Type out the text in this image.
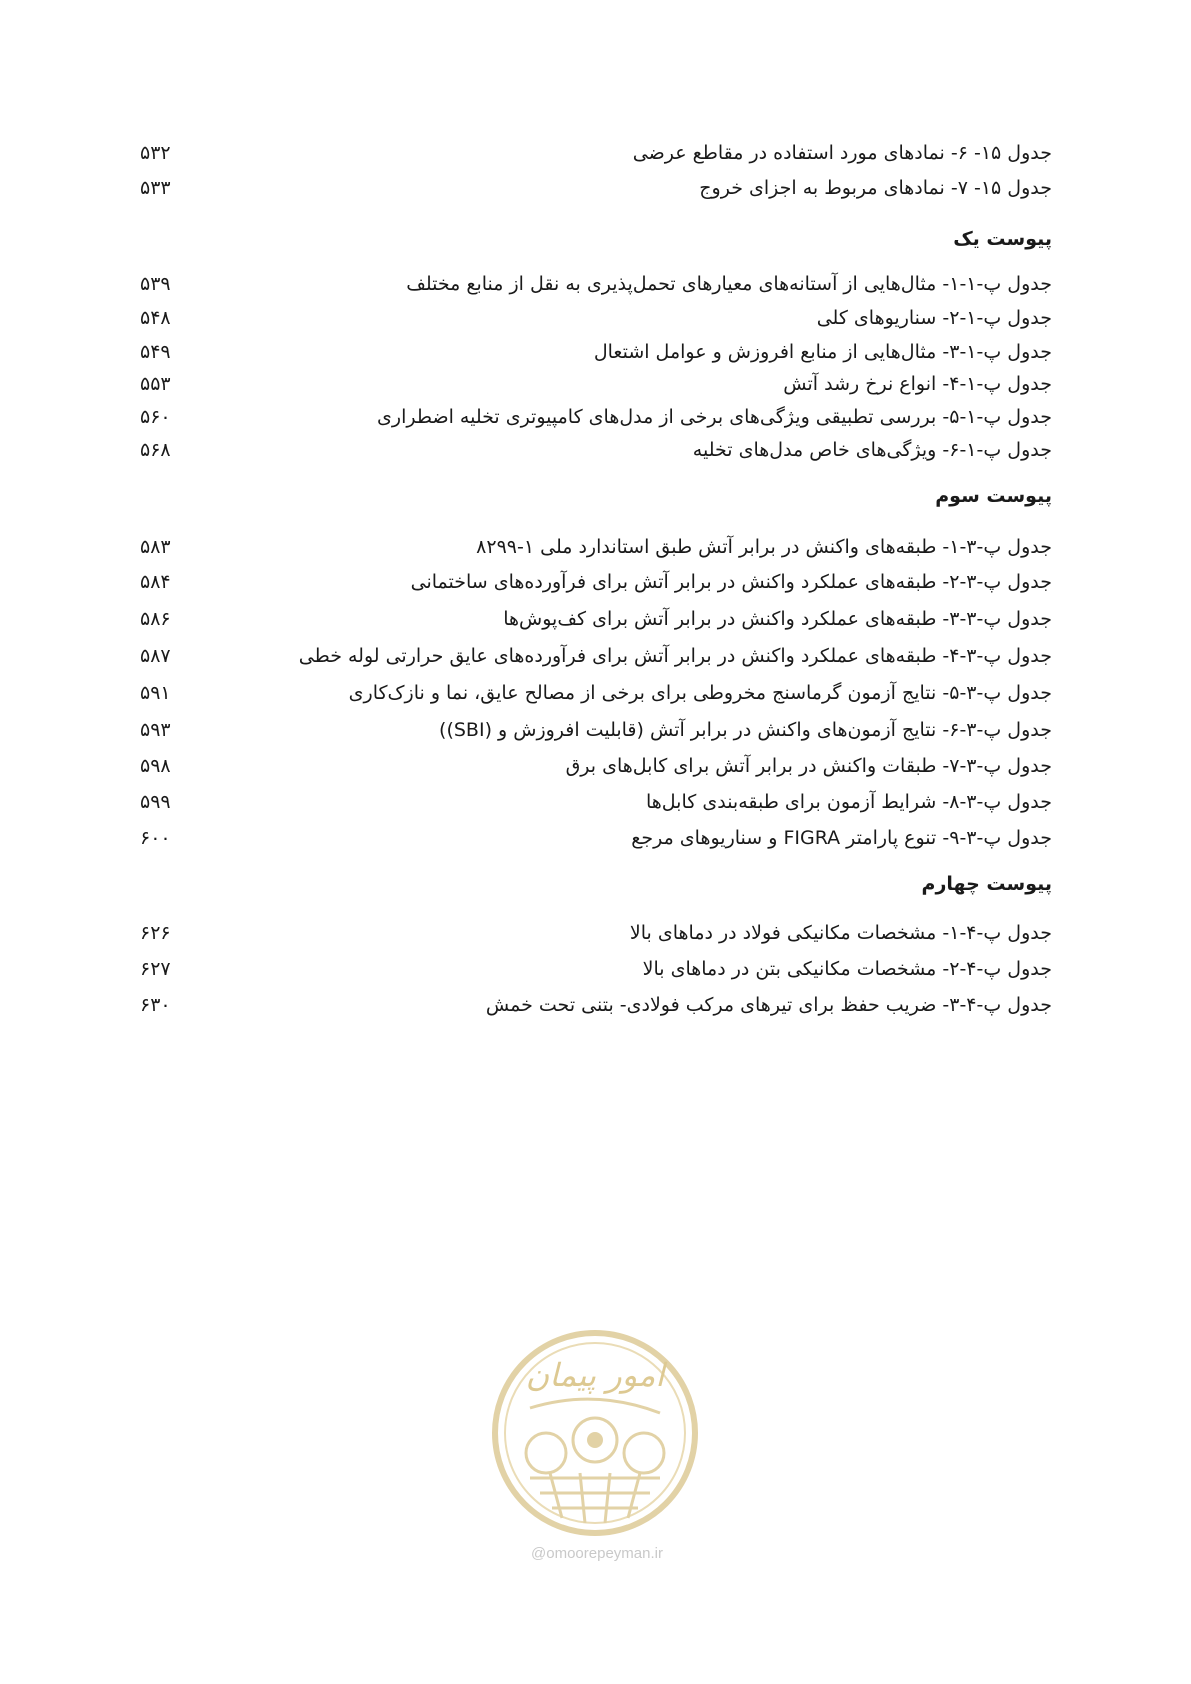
جدول ۱۵- ۶- نمادهای مورد استفاده در مقاطع عرضی
۵۳۲
جدول ۱۵- ۷- نمادهای مربوط به اجزای خروج
۵۳۳
پیوست یک
جدول پ-۱-۱- مثال‌هایی از آستانه‌های معیارهای تحمل‌پذیری به نقل از منابع مختلف
۵۳۹
جدول پ-۱-۲- سناریوهای کلی
۵۴۸
جدول پ-۱-۳- مثال‌هایی از منابع افروزش و عوامل اشتعال
۵۴۹
جدول پ-۱-۴- انواع نرخ رشد آتش
۵۵۳
جدول پ-۱-۵- بررسی تطبیقی ویژگی‌های برخی از مدل‌های کامپیوتری تخلیه اضطراری
۵۶۰
جدول پ-۱-۶- ویژگی‌های خاص مدل‌های تخلیه
۵۶۸
پیوست سوم
جدول پ-۳-۱- طبقه‌های واکنش در برابر آتش طبق استاندارد ملی ۱-۸۲۹۹
۵۸۳
جدول پ-۳-۲- طبقه‌های عملکرد واکنش در برابر آتش برای فرآورده‌های ساختمانی
۵۸۴
جدول پ-۳-۳- طبقه‌های عملکرد واکنش در برابر آتش برای کف‌پوش‌ها
۵۸۶
جدول پ-۳-۴- طبقه‌های عملکرد واکنش در برابر آتش برای فرآورده‌های عایق حرارتی لوله خطی
۵۸۷
جدول پ-۳-۵- نتایج آزمون گرماسنج مخروطی برای برخی از مصالح عایق، نما و نازک‌کاری
۵۹۱
جدول پ-۳-۶- نتایج آزمون‌های واکنش در برابر آتش (قابلیت افروزش و (SBI))
۵۹۳
جدول پ-۳-۷- طبقات واکنش در برابر آتش برای کابل‌های برق
۵۹۸
جدول پ-۳-۸- شرایط آزمون برای طبقه‌بندی کابل‌ها
۵۹۹
جدول پ-۳-۹- تنوع پارامتر FIGRA و سناریوهای مرجع
۶۰۰
پیوست چهارم
جدول پ-۴-۱- مشخصات مکانیکی فولاد در دماهای بالا
۶۲۶
جدول پ-۴-۲- مشخصات مکانیکی بتن در دماهای بالا
۶۲۷
جدول پ-۴-۳- ضریب حفظ برای تیرهای مرکب فولادی- بتنی تحت خمش
۶۳۰
امور پیمان
@omoorepeyman.ir
